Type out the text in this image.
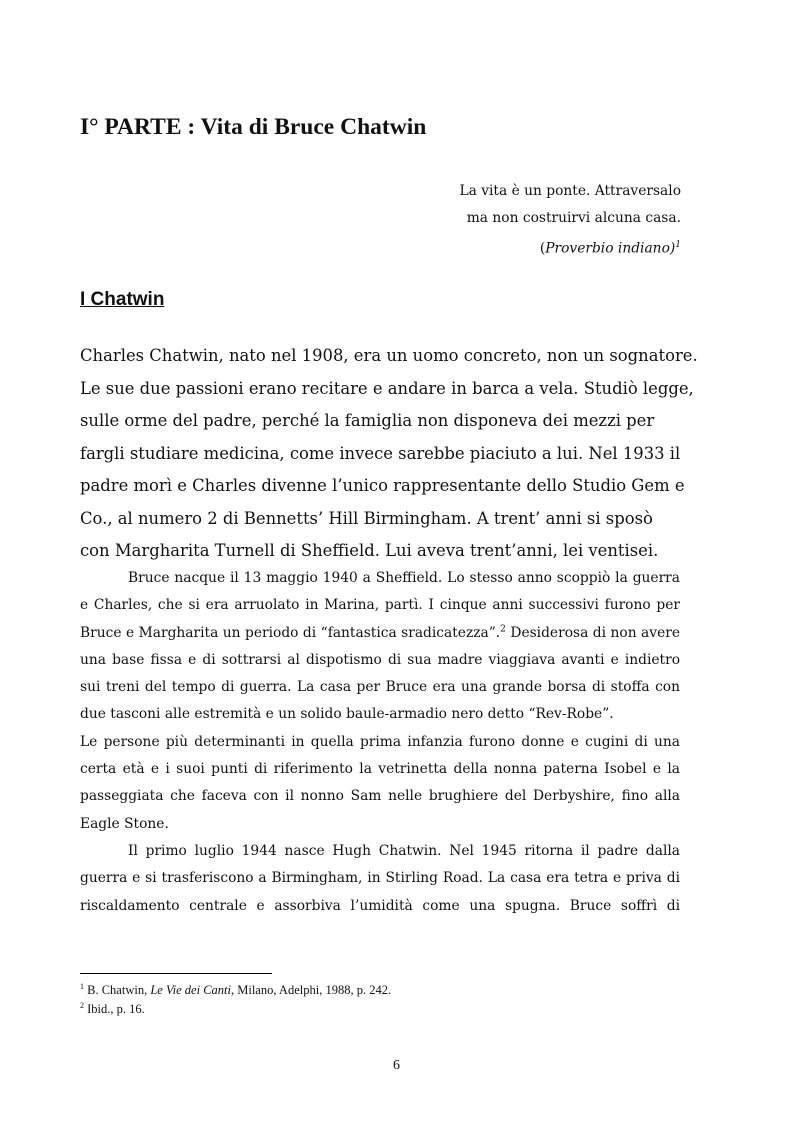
I° PARTE : Vita di Bruce Chatwin
La vita è un ponte. Attraversalo
ma non costruirvi alcuna casa.
(Proverbio indiano)$^1$
I Chatwin

Charles Chatwin, nato nel 1908, era un uomo concreto, non un sognatore.
Le sue due passioni erano recitare e andare in barca a vela. Studiò legge,
sulle orme del padre, perché la famiglia non disponeva dei mezzi per
fargli studiare medicina, come invece sarebbe piaciuto a lui. Nel 1933 il
padre morì e Charles divenne l’unico rappresentante dello Studio Gem e
Co., al numero 2 di Bennetts’ Hill Birmingham. A trent’ anni si sposò
con Margharita Turnell di Sheffield. Lui aveva trent’anni, lei ventisei.

Bruce nacque il 13 maggio 1940 a Sheffield. Lo stesso anno scoppiò la guerra
e Charles, che si era arruolato in Marina, partì. I cinque anni successivi furono per
Bruce e Margharita un periodo di “fantastica sradicatezza”.$^2$ Desiderosa di non avere
una base fissa e di sottrarsi al dispotismo di sua madre viaggiava avanti e indietro
sui treni del tempo di guerra. La casa per Bruce era una grande borsa di stoffa con
due tasconi alle estremità e un solido baule-armadio nero detto “Rev-Robe”.
Le persone più determinanti in quella prima infanzia furono donne e cugini di una
certa età e i suoi punti di riferimento la vetrinetta della nonna paterna Isobel e la
passeggiata che faceva con il nonno Sam nelle brughiere del Derbyshire, fino alla
Eagle Stone.
Il primo luglio 1944 nasce Hugh Chatwin. Nel 1945 ritorna il padre dalla
guerra e si trasferiscono a Birmingham, in Stirling Road. La casa era tetra e priva di
riscaldamento centrale e assorbiva l’umidità come una spugna. Bruce soffrì di
$^1$ B. Chatwin, Le Vie dei Canti, Milano, Adelphi, 1988, p. 242.
$^2$ Ibid., p. 16.
6
